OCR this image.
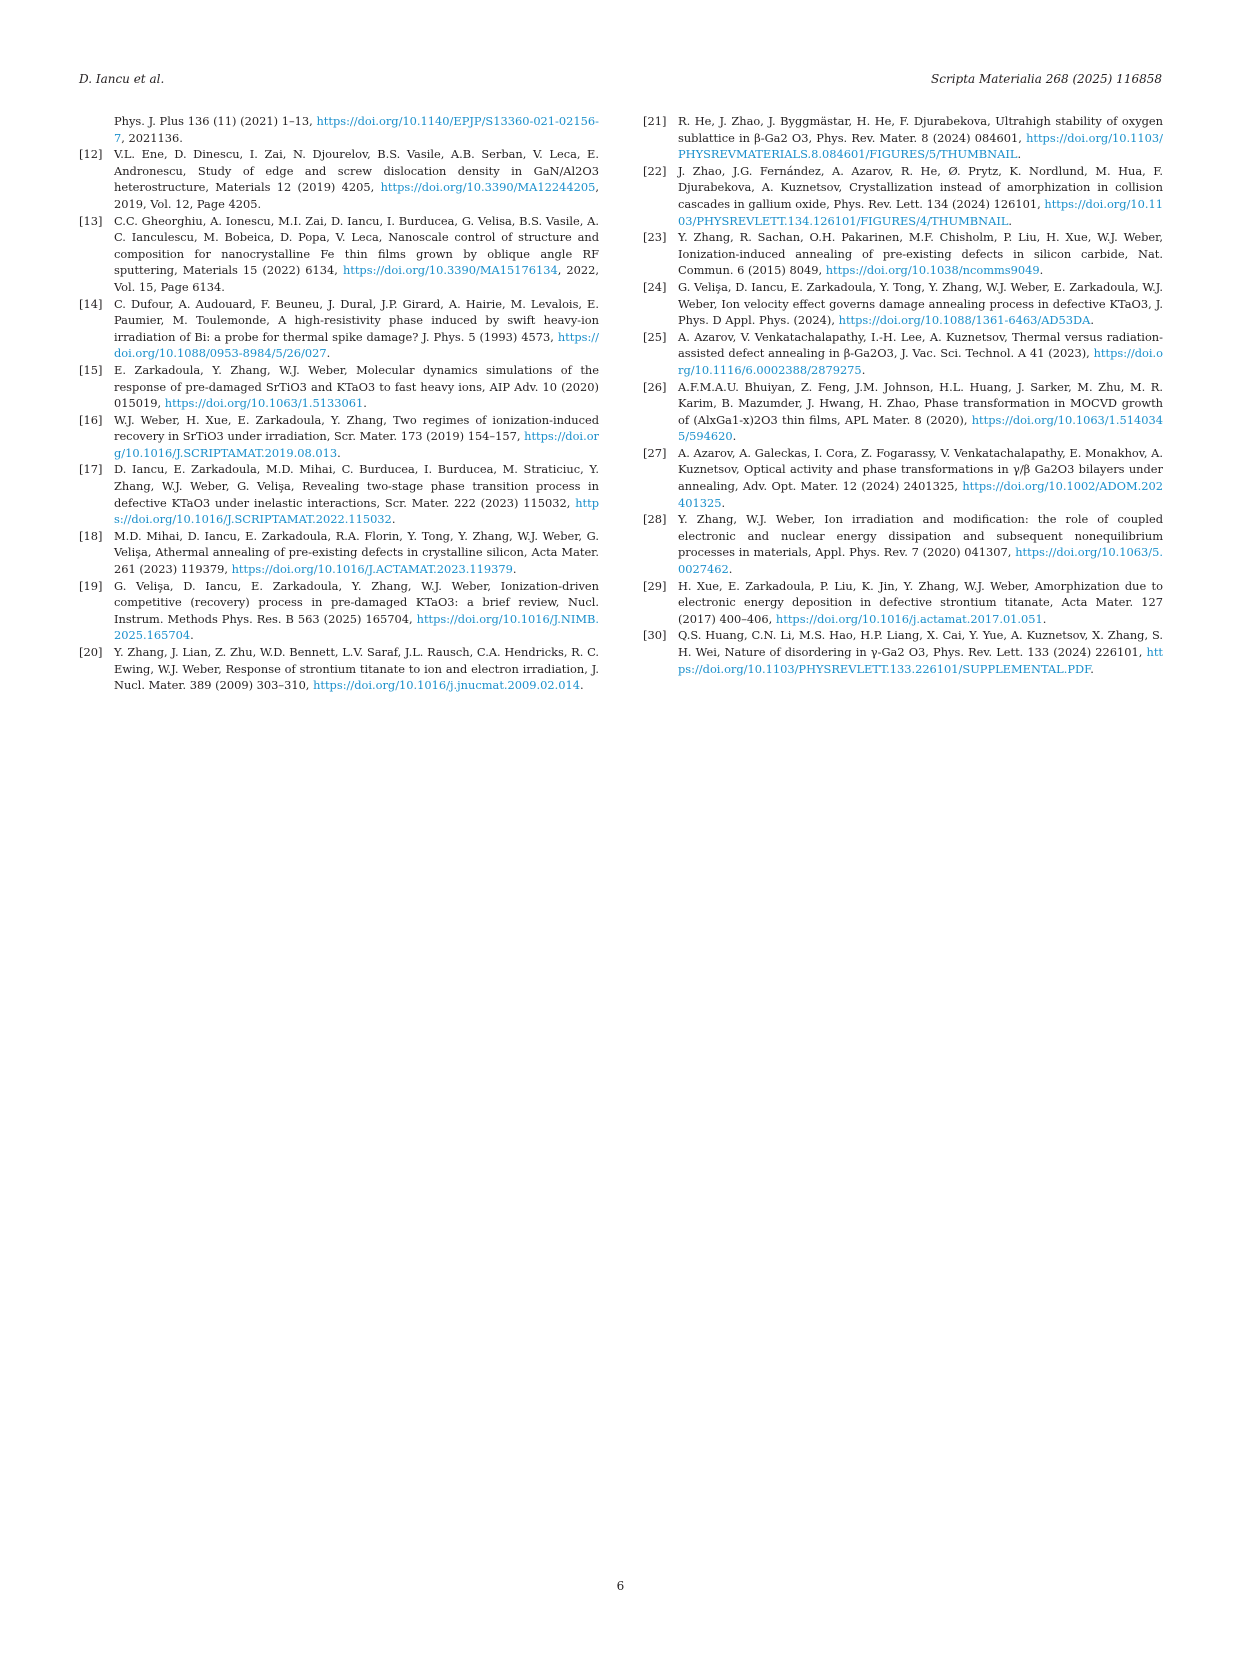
D. Iancu et al.	Scripta Materialia 268 (2025) 116858
Phys. J. Plus 136 (11) (2021) 1–13, https://doi.org/10.1140/EPJP/S13360-021-02156-7, 2021136.
[12] V.L. Ene, D. Dinescu, I. Zai, N. Djourelov, B.S. Vasile, A.B. Serban, V. Leca, E. Andronescu, Study of edge and screw dislocation density in GaN/Al2O3 heterostructure, Materials 12 (2019) 4205, https://doi.org/10.3390/MA12244205, 2019, Vol. 12, Page 4205.
[13] C.C. Gheorghiu, A. Ionescu, M.I. Zai, D. Iancu, I. Burducea, G. Velisa, B.S. Vasile, A. C. Ianculescu, M. Bobeica, D. Popa, V. Leca, Nanoscale control of structure and composition for nanocrystalline Fe thin films grown by oblique angle RF sputtering, Materials 15 (2022) 6134, https://doi.org/10.3390/MA15176134, 2022, Vol. 15, Page 6134.
[14] C. Dufour, A. Audouard, F. Beuneu, J. Dural, J.P. Girard, A. Hairie, M. Levalois, E. Paumier, M. Toulemonde, A high-resistivity phase induced by swift heavy-ion irradiation of Bi: a probe for thermal spike damage? J. Phys. 5 (1993) 4573, https://doi.org/10.1088/0953-8984/5/26/027.
[15] E. Zarkadoula, Y. Zhang, W.J. Weber, Molecular dynamics simulations of the response of pre-damaged SrTiO3 and KTaO3 to fast heavy ions, AIP Adv. 10 (2020) 015019, https://doi.org/10.1063/1.5133061.
[16] W.J. Weber, H. Xue, E. Zarkadoula, Y. Zhang, Two regimes of ionization-induced recovery in SrTiO3 under irradiation, Scr. Mater. 173 (2019) 154–157, https://doi.org/10.1016/J.SCRIPTAMAT.2019.08.013.
[17] D. Iancu, E. Zarkadoula, M.D. Mihai, C. Burducea, I. Burducea, M. Straticiuc, Y. Zhang, W.J. Weber, G. Velişa, Revealing two-stage phase transition process in defective KTaO3 under inelastic interactions, Scr. Mater. 222 (2023) 115032, https://doi.org/10.1016/J.SCRIPTAMAT.2022.115032.
[18] M.D. Mihai, D. Iancu, E. Zarkadoula, R.A. Florin, Y. Tong, Y. Zhang, W.J. Weber, G. Velişa, Athermal annealing of pre-existing defects in crystalline silicon, Acta Mater. 261 (2023) 119379, https://doi.org/10.1016/J.ACTAMAT.2023.119379.
[19] G. Velişa, D. Iancu, E. Zarkadoula, Y. Zhang, W.J. Weber, Ionization-driven competitive (recovery) process in pre-damaged KTaO3: a brief review, Nucl. Instrum. Methods Phys. Res. B 563 (2025) 165704, https://doi.org/10.1016/J.NIMB.2025.165704.
[20] Y. Zhang, J. Lian, Z. Zhu, W.D. Bennett, L.V. Saraf, J.L. Rausch, C.A. Hendricks, R. C. Ewing, W.J. Weber, Response of strontium titanate to ion and electron irradiation, J. Nucl. Mater. 389 (2009) 303–310, https://doi.org/10.1016/j.jnucmat.2009.02.014.
[21] R. He, J. Zhao, J. Byggmästar, H. He, F. Djurabekova, Ultrahigh stability of oxygen sublattice in β-Ga2 O3, Phys. Rev. Mater. 8 (2024) 084601, https://doi.org/10.1103/PHYSREVMATERIALS.8.084601/FIGURES/5/THUMBNAIL.
[22] J. Zhao, J.G. Fernández, A. Azarov, R. He, Ø. Prytz, K. Nordlund, M. Hua, F. Djurabekova, A. Kuznetsov, Crystallization instead of amorphization in collision cascades in gallium oxide, Phys. Rev. Lett. 134 (2024) 126101, https://doi.org/10.1103/PHYSREVLETT.134.126101/FIGURES/4/THUMBNAIL.
[23] Y. Zhang, R. Sachan, O.H. Pakarinen, M.F. Chisholm, P. Liu, H. Xue, W.J. Weber, Ionization-induced annealing of pre-existing defects in silicon carbide, Nat. Commun. 6 (2015) 8049, https://doi.org/10.1038/ncomms9049.
[24] G. Velişa, D. Iancu, E. Zarkadoula, Y. Tong, Y. Zhang, W.J. Weber, E. Zarkadoula, W.J. Weber, Ion velocity effect governs damage annealing process in defective KTaO3, J. Phys. D Appl. Phys. (2024), https://doi.org/10.1088/1361-6463/AD53DA.
[25] A. Azarov, V. Venkatachalapathy, I.-H. Lee, A. Kuznetsov, Thermal versus radiation-assisted defect annealing in β-Ga2O3, J. Vac. Sci. Technol. A 41 (2023), https://doi.org/10.1116/6.0002388/2879275.
[26] A.F.M.A.U. Bhuiyan, Z. Feng, J.M. Johnson, H.L. Huang, J. Sarker, M. Zhu, M. R. Karim, B. Mazumder, J. Hwang, H. Zhao, Phase transformation in MOCVD growth of (AlxGa1-x)2O3 thin films, APL Mater. 8 (2020), https://doi.org/10.1063/1.5140345/594620.
[27] A. Azarov, A. Galeckas, I. Cora, Z. Fogarassy, V. Venkatachalapathy, E. Monakhov, A. Kuznetsov, Optical activity and phase transformations in γ/β Ga2O3 bilayers under annealing, Adv. Opt. Mater. 12 (2024) 2401325, https://doi.org/10.1002/ADOM.202401325.
[28] Y. Zhang, W.J. Weber, Ion irradiation and modification: the role of coupled electronic and nuclear energy dissipation and subsequent nonequilibrium processes in materials, Appl. Phys. Rev. 7 (2020) 041307, https://doi.org/10.1063/5.0027462.
[29] H. Xue, E. Zarkadoula, P. Liu, K. Jin, Y. Zhang, W.J. Weber, Amorphization due to electronic energy deposition in defective strontium titanate, Acta Mater. 127 (2017) 400–406, https://doi.org/10.1016/j.actamat.2017.01.051.
[30] Q.S. Huang, C.N. Li, M.S. Hao, H.P. Liang, X. Cai, Y. Yue, A. Kuznetsov, X. Zhang, S. H. Wei, Nature of disordering in γ-Ga2 O3, Phys. Rev. Lett. 133 (2024) 226101, https://doi.org/10.1103/PHYSREVLETT.133.226101/SUPPLEMENTAL.PDF.
6
